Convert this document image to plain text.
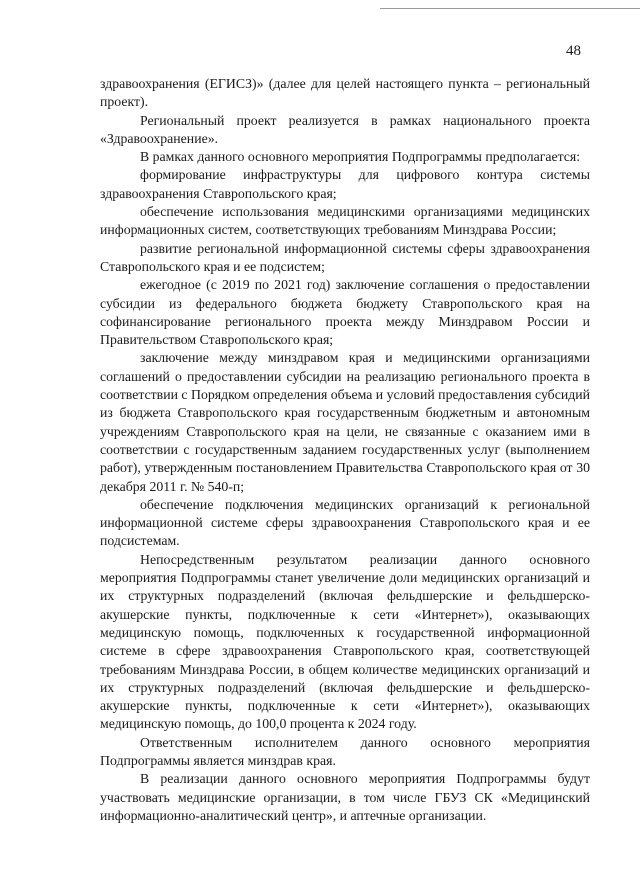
48

здравоохранения (ЕГИСЗ)» (далее для целей настоящего пункта – региональный проект).

Региональный проект реализуется в рамках национального проекта «Здравоохранение».

В рамках данного основного мероприятия Подпрограммы предполагается:

формирование инфраструктуры для цифрового контура системы здравоохранения Ставропольского края;

обеспечение использования медицинскими организациями медицинских информационных систем, соответствующих требованиям Минздрава России;

развитие региональной информационной системы сферы здравоохранения Ставропольского края и ее подсистем;

ежегодное (с 2019 по 2021 год) заключение соглашения о предоставлении субсидии из федерального бюджета бюджету Ставропольского края на софинансирование регионального проекта между Минздравом России и Правительством Ставропольского края;

заключение между минздравом края и медицинскими организациями соглашений о предоставлении субсидии на реализацию регионального проекта в соответствии с Порядком определения объема и условий предоставления субсидий из бюджета Ставропольского края государственным бюджетным и автономным учреждениям Ставропольского края на цели, не связанные с оказанием ими в соответствии с государственным заданием государственных услуг (выполнением работ), утвержденным постановлением Правительства Ставропольского края от 30 декабря 2011 г. № 540-п;

обеспечение подключения медицинских организаций к региональной информационной системе сферы здравоохранения Ставропольского края и ее подсистемам.

Непосредственным результатом реализации данного основного мероприятия Подпрограммы станет увеличение доли медицинских организаций и их структурных подразделений (включая фельдшерские и фельдшерско-акушерские пункты, подключенные к сети «Интернет»), оказывающих медицинскую помощь, подключенных к государственной информационной системе в сфере здравоохранения Ставропольского края, соответствующей требованиям Минздрава России, в общем количестве медицинских организаций и их структурных подразделений (включая фельдшерские и фельдшерско-акушерские пункты, подключенные к сети «Интернет»), оказывающих медицинскую помощь, до 100,0 процента к 2024 году.

Ответственным исполнителем данного основного мероприятия Подпрограммы является минздрав края.

В реализации данного основного мероприятия Подпрограммы будут участвовать медицинские организации, в том числе ГБУЗ СК «Медицинский информационно-аналитический центр», и аптечные организации.
